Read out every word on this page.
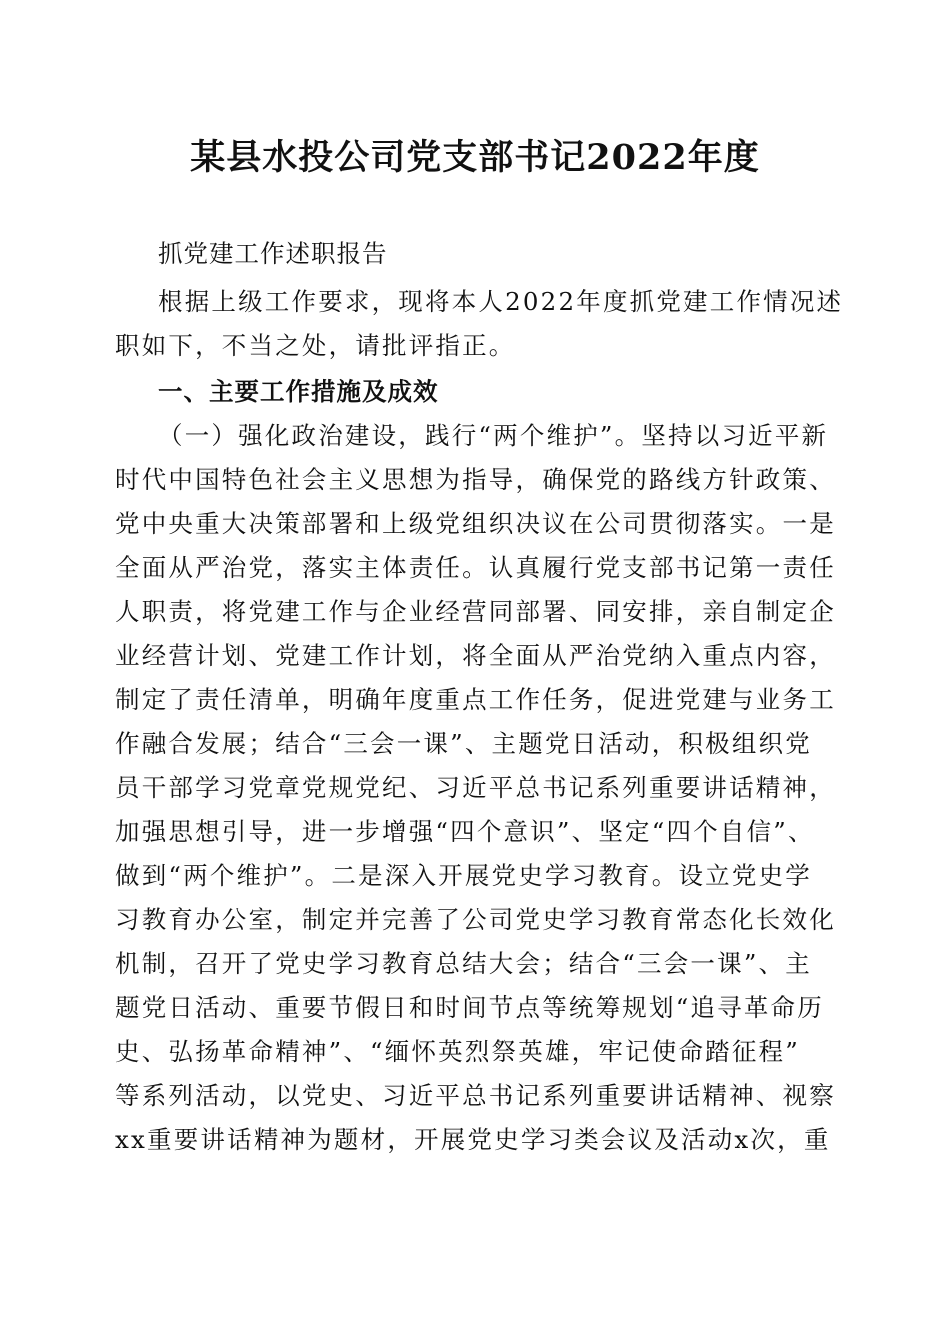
某县水投公司党支部书记2022年度
抓党建工作述职报告
根据上级工作要求，现将本人2022年度抓党建工作情况述
职如下，不当之处，请批评指正。
一、主要工作措施及成效
（一）强化政治建设，践行“两个维护”。坚持以习近平新
时代中国特色社会主义思想为指导，确保党的路线方针政策、
党中央重大决策部署和上级党组织决议在公司贯彻落实。一是
全面从严治党，落实主体责任。认真履行党支部书记第一责任
人职责，将党建工作与企业经营同部署、同安排，亲自制定企
业经营计划、党建工作计划，将全面从严治党纳入重点内容，
制定了责任清单，明确年度重点工作任务，促进党建与业务工
作融合发展；结合“三会一课”、主题党日活动，积极组织党
员干部学习党章党规党纪、习近平总书记系列重要讲话精神，
加强思想引导，进一步增强“四个意识”、坚定“四个自信”、
做到“两个维护”。二是深入开展党史学习教育。设立党史学
习教育办公室，制定并完善了公司党史学习教育常态化长效化
机制，召开了党史学习教育总结大会；结合“三会一课”、主
题党日活动、重要节假日和时间节点等统筹规划“追寻革命历
史、弘扬革命精神”、“缅怀英烈祭英雄，牢记使命踏征程”
等系列活动，以党史、习近平总书记系列重要讲话精神、视察
xx重要讲话精神为题材，开展党史学习类会议及活动x次，重
